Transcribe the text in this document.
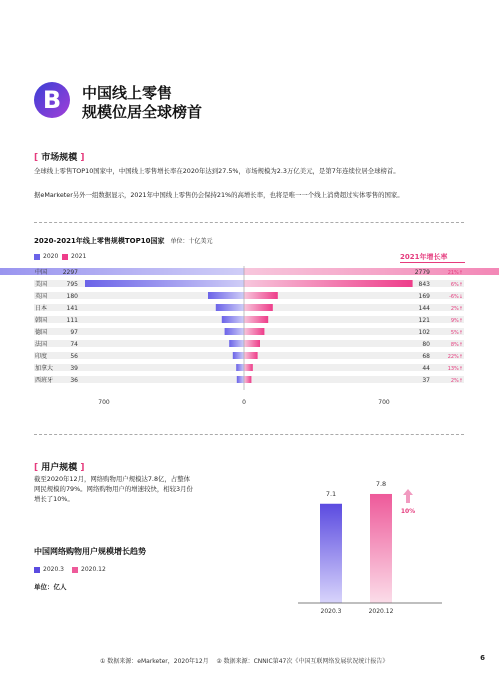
B	中国线上零售
规模位居全球榜首
[ 市场规模 ]
全球线上零售TOP10国家中，中国线上零售增长率在2020年达到27.5%，市场规模为2.3万亿美元，是第7年连续位居全球榜首。
据eMarketer另外一组数据显示，2021年中国线上零售仍会保持21%的高增长率，也将是唯一一个线上消费超过实体零售的国家。
2020-2021年线上零售规模TOP10国家 单位：十亿美元
2020 2021	2021年增长率
中国	2297	2779	21%↑
美国	795	843	6%↑
英国	180	169	-6%↓
日本	141	144	2%↑
韩国	111	121	9%↑
德国	97	102	5%↑
法国	74	80	8%↑
印度	56	68	22%↑
加拿大	39	44	13%↑
西班牙	36	37	2%↑
700	0	700
[ 用户规模 ]
截至2020年12月，网络购物用户规模达7.8亿，占整体网民规模的79%。网络购物用户的增速较快，相较3月份增长了10%。
中国网络购物用户规模增长趋势
2020.3	2020.12
单位：亿人
7.1
2020.3
7.8
2020.12
10%
① 数据来源：eMarketer，2020年12月 ② 数据来源：CNNIC第47次《中国互联网络发展状况统计报告》	6
